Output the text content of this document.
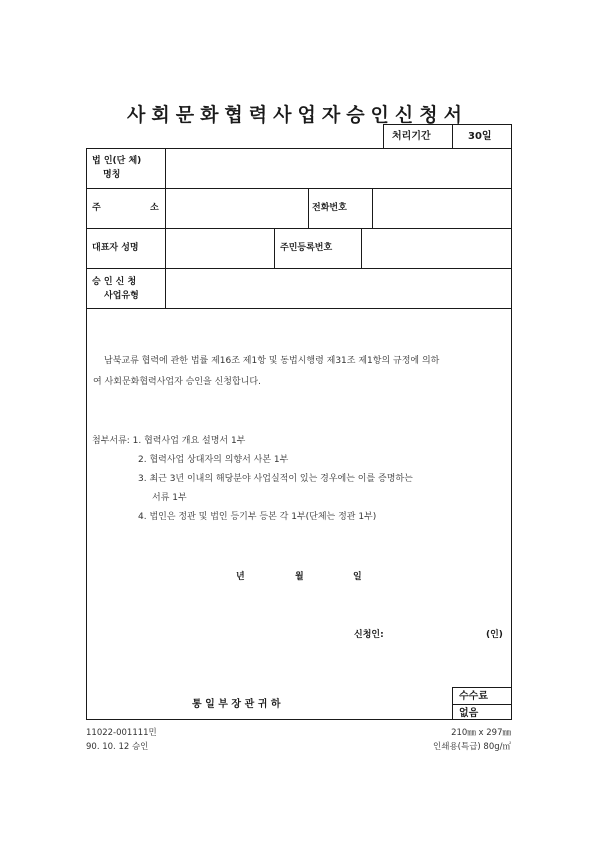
사회문화협력사업자승인신청서
처리기간	30일
법 인(단 체)
명칭
주	소	전화번호
대표자 성명	주민등록번호
승 인 신 청
사업유형
남북교류 협력에 관한 법률 제16조 제1항 및 동법시행령 제31조 제1항의 규정에 의하
여 사회문화협력사업자 승인을 신청합니다.
첨부서류: 1. 협력사업 개요 설명서 1부
2. 협력사업 상대자의 의향서 사본 1부
3. 최근 3년 이내의 해당분야 사업실적이 있는 경우에는 이를 증명하는
서류 1부
4. 법인은 정관 및 법인 등기부 등본 각 1부(단체는 정관 1부)
년	월	일
신청인:	(인)
통 일 부 장 관 귀 하
수수료
없음
11022-001111민
90. 10. 12 승인
210㎜ x 297㎜
인쇄용(특급) 80g/㎡
